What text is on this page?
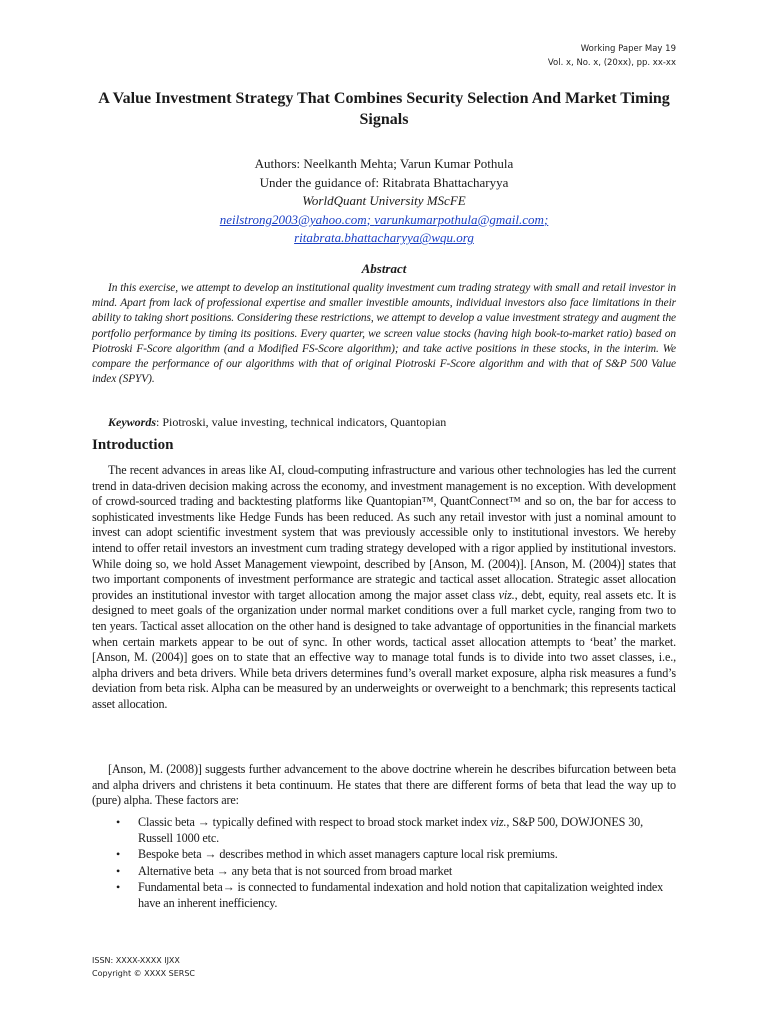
Working Paper May 19
Vol. x, No. x, (20xx), pp. xx-xx
A Value Investment Strategy That Combines Security Selection And Market Timing Signals
Authors: Neelkanth Mehta; Varun Kumar Pothula
Under the guidance of: Ritabrata Bhattacharyya
WorldQuant University MScFE
neilstrong2003@yahoo.com; varunkumarpothula@gmail.com;
ritabrata.bhattacharyya@wqu.org
Abstract
In this exercise, we attempt to develop an institutional quality investment cum trading strategy with small and retail investor in mind. Apart from lack of professional expertise and smaller investible amounts, individual investors also face limitations in their ability to taking short positions. Considering these restrictions, we attempt to develop a value investment strategy and augment the portfolio performance by timing its positions. Every quarter, we screen value stocks (having high book-to-market ratio) based on Piotroski F-Score algorithm (and a Modified FS-Score algorithm); and take active positions in these stocks, in the interim. We compare the performance of our algorithms with that of original Piotroski F-Score algorithm and with that of S&P 500 Value index (SPYV).
Keywords: Piotroski, value investing, technical indicators, Quantopian
Introduction
The recent advances in areas like AI, cloud-computing infrastructure and various other technologies has led the current trend in data-driven decision making across the economy, and investment management is no exception. With development of crowd-sourced trading and backtesting platforms like Quantopian™, QuantConnect™ and so on, the bar for access to sophisticated investments like Hedge Funds has been reduced. As such any retail investor with just a nominal amount to invest can adopt scientific investment system that was previously accessible only to institutional investors. We hereby intend to offer retail investors an investment cum trading strategy developed with a rigor applied by institutional investors. While doing so, we hold Asset Management viewpoint, described by [Anson, M. (2004)]. [Anson, M. (2004)] states that two important components of investment performance are strategic and tactical asset allocation. Strategic asset allocation provides an institutional investor with target allocation among the major asset class viz., debt, equity, real assets etc. It is designed to meet goals of the organization under normal market conditions over a full market cycle, ranging from two to ten years. Tactical asset allocation on the other hand is designed to take advantage of opportunities in the financial markets when certain markets appear to be out of sync. In other words, tactical asset allocation attempts to ‘beat’ the market. [Anson, M. (2004)] goes on to state that an effective way to manage total funds is to divide into two asset classes, i.e., alpha drivers and beta drivers. While beta drivers determines fund’s overall market exposure, alpha risk measures a fund’s deviation from beta risk. Alpha can be measured by an underweights or overweight to a benchmark; this represents tactical asset allocation.
[Anson, M. (2008)] suggests further advancement to the above doctrine wherein he describes bifurcation between beta and alpha drivers and christens it beta continuum. He states that there are different forms of beta that lead the way up to (pure) alpha. These factors are:
• Classic beta → typically defined with respect to broad stock market index viz., S&P 500, DOWJONES 30, Russell 1000 etc.
• Bespoke beta → describes method in which asset managers capture local risk premiums.
• Alternative beta → any beta that is not sourced from broad market
• Fundamental beta→ is connected to fundamental indexation and hold notion that capitalization weighted index have an inherent inefficiency.
ISSN: XXXX-XXXX IJXX
Copyright © XXXX SERSC
